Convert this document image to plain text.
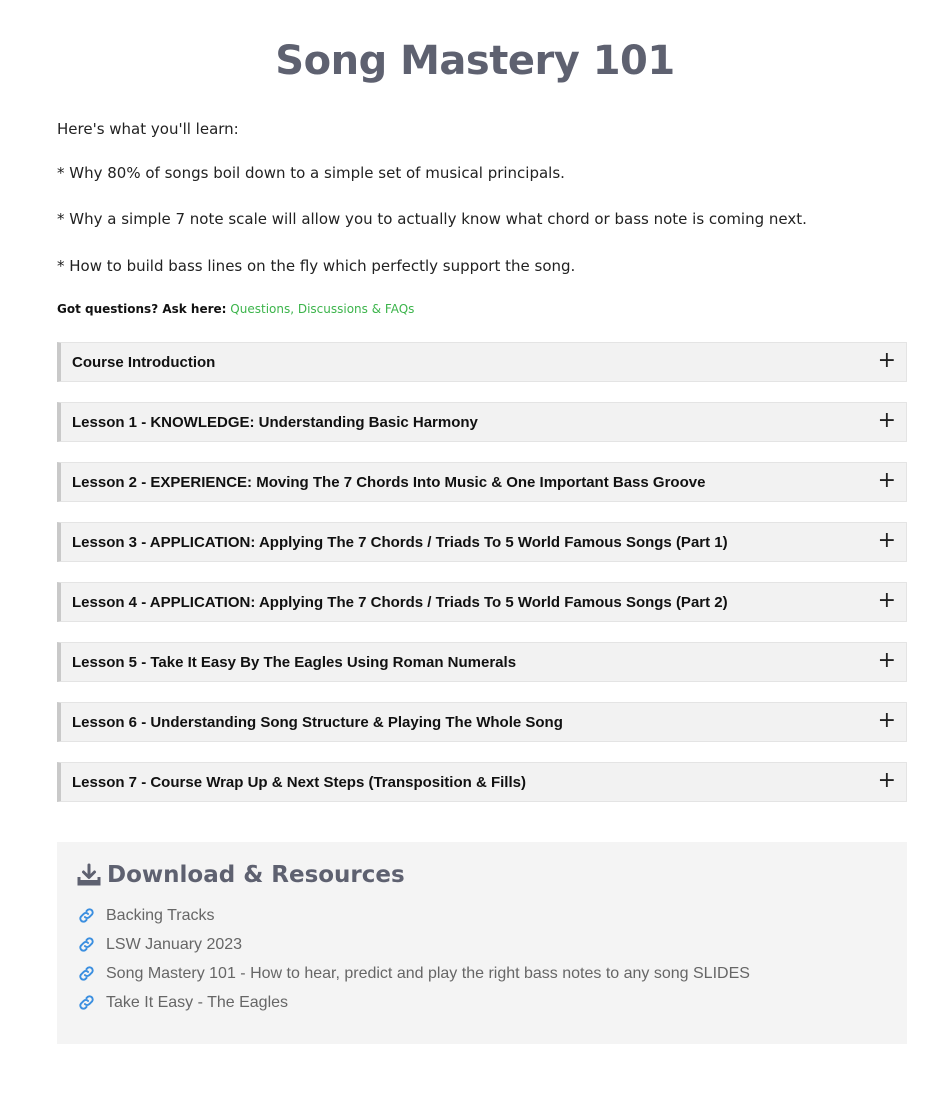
Song Mastery 101

Here's what you'll learn:

* Why 80% of songs boil down to a simple set of musical principals.

* Why a simple 7 note scale will allow you to actually know what chord or bass note is coming next.

* How to build bass lines on the fly which perfectly support the song.

Got questions? Ask here: Questions, Discussions & FAQs
Course Introduction	+
Lesson 1 - KNOWLEDGE: Understanding Basic Harmony	+
Lesson 2 - EXPERIENCE: Moving The 7 Chords Into Music & One Important Bass Groove	+
Lesson 3 - APPLICATION: Applying The 7 Chords / Triads To 5 World Famous Songs (Part 1)	+
Lesson 4 - APPLICATION: Applying The 7 Chords / Triads To 5 World Famous Songs (Part 2)	+
Lesson 5 - Take It Easy By The Eagles Using Roman Numerals	+
Lesson 6 - Understanding Song Structure & Playing The Whole Song	+
Lesson 7 - Course Wrap Up & Next Steps (Transposition & Fills)	+
Download & Resources
Backing Tracks
LSW January 2023
Song Mastery 101 - How to hear, predict and play the right bass notes to any song SLIDES
Take It Easy - The Eagles
